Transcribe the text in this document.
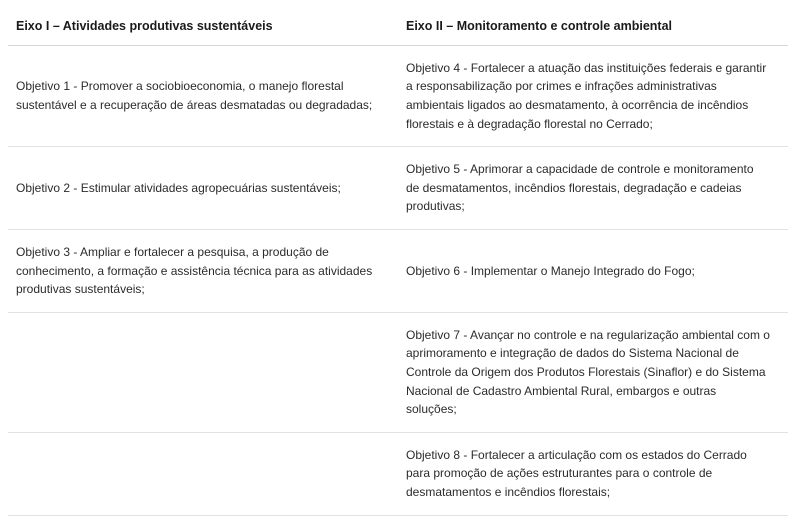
Eixo I – Atividades produtivas sustentáveis	Eixo II – Monitoramento e controle ambiental

Objetivo 1 - Promover a sociobioeconomia, o manejo florestal sustentável e a recuperação de áreas desmatadas ou degradadas;	Objetivo 4 - Fortalecer a atuação das instituições federais e garantir a responsabilização por crimes e infrações administrativas ambientais ligados ao desmatamento, à ocorrência de incêndios florestais e à degradação florestal no Cerrado;

Objetivo 2 - Estimular atividades agropecuárias sustentáveis;	Objetivo 5 - Aprimorar a capacidade de controle e monitoramento de desmatamentos, incêndios florestais, degradação e cadeias produtivas;

Objetivo 3 - Ampliar e fortalecer a pesquisa, a produção de conhecimento, a formação e assistência técnica para as atividades produtivas sustentáveis;	Objetivo 6 - Implementar o Manejo Integrado do Fogo;

	Objetivo 7 - Avançar no controle e na regularização ambiental com o aprimoramento e integração de dados do Sistema Nacional de Controle da Origem dos Produtos Florestais (Sinaflor) e do Sistema Nacional de Cadastro Ambiental Rural, embargos e outras soluções;

	Objetivo 8 - Fortalecer a articulação com os estados do Cerrado para promoção de ações estruturantes para o controle de desmatamentos e incêndios florestais;
